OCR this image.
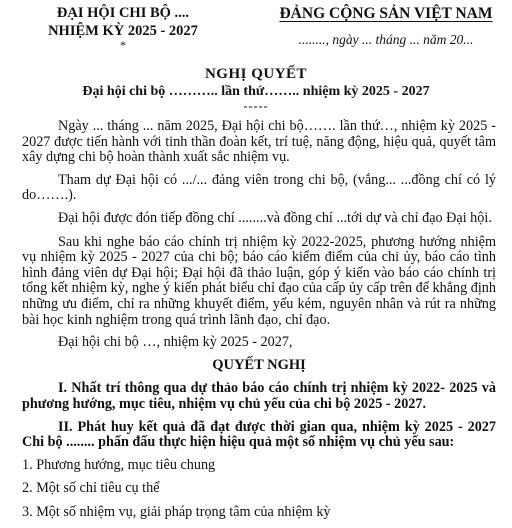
ĐẠI HỘI CHI BỘ ....
NHIỆM KỲ 2025 - 2027
*
ĐẢNG CỘNG SẢN VIỆT NAM
........, ngày ... tháng ... năm 20...
NGHỊ QUYẾT
Đại hội chi bộ ……….. lần thứ…….. nhiệm kỳ 2025 - 2027
-----

Ngày ... tháng ... năm 2025, Đại hội chi bộ……. lần thứ…, nhiệm kỳ 2025 - 2027 được tiến hành với tinh thần đoàn kết, trí tuệ, năng động, hiệu quả, quyết tâm xây dựng chi bộ hoàn thành xuất sắc nhiệm vụ.

Tham dự Đại hội có .../... đảng viên trong chi bộ, (vắng... ...đồng chí có lý do…….).

Đại hội được đón tiếp đồng chí ........và đồng chí ...tới dự và chỉ đạo Đại hội.

Sau khi nghe báo cáo chính trị nhiệm kỳ 2022-2025, phương hướng nhiệm vụ nhiệm kỳ 2025 - 2027 của chi bộ; báo cáo kiểm điểm của chi ủy, báo cáo tình hình đảng viên dự Đại hội; Đại hội đã thảo luận, góp ý kiến vào báo cáo chính trị tổng kết nhiệm kỳ, nghe ý kiến phát biểu chỉ đạo của cấp ủy cấp trên để khẳng định những ưu điểm, chỉ ra những khuyết điểm, yếu kém, nguyên nhân và rút ra những bài học kinh nghiệm trong quá trình lãnh đạo, chỉ đạo.

Đại hội chi bộ …, nhiệm kỳ 2025 - 2027,

QUYẾT NGHỊ

I. Nhất trí thông qua dự thảo báo cáo chính trị nhiệm kỳ 2022- 2025 và phương hướng, mục tiêu, nhiệm vụ chủ yếu của chi bộ 2025 - 2027.

II. Phát huy kết quả đã đạt được thời gian qua, nhiệm kỳ 2025 - 2027 Chi bộ ........ phấn đấu thực hiện hiệu quả một số nhiệm vụ chủ yếu sau:

1. Phương hướng, mục tiêu chung

2. Một số chỉ tiêu cụ thể

3. Một số nhiệm vụ, giải pháp trọng tâm của nhiệm kỳ
